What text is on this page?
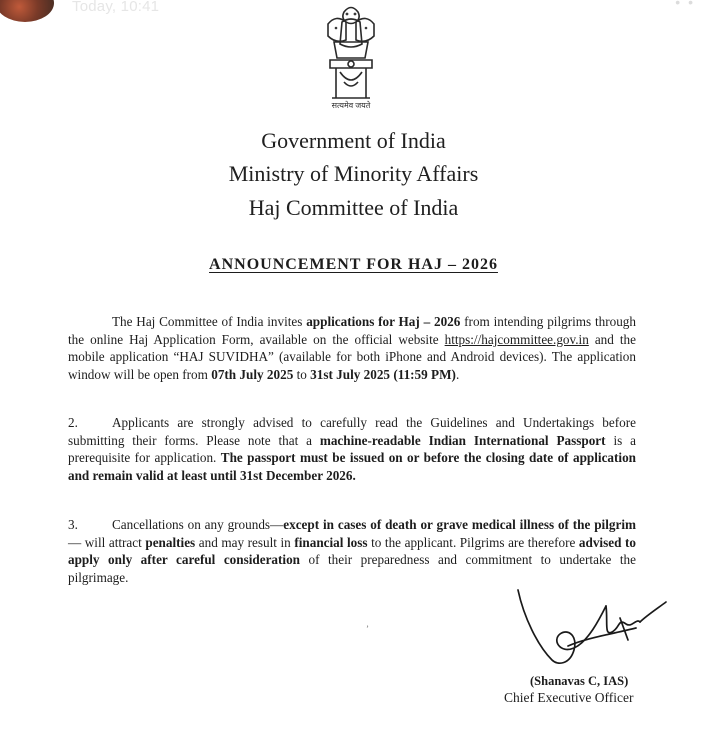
Today, 10:41	• •
सत्यमेव जयते
Government of India
Ministry of Minority Affairs
Haj Committee of India
ANNOUNCEMENT FOR HAJ – 2026
The Haj Committee of India invites applications for Haj – 2026 from intending pilgrims through the online Haj Application Form, available on the official website https://hajcommittee.gov.in and the mobile application “HAJ SUVIDHA” (available for both iPhone and Android devices). The application window will be open from 07th July 2025 to 31st July 2025 (11:59 PM).
2.	Applicants are strongly advised to carefully read the Guidelines and Undertakings before submitting their forms. Please note that a machine-readable Indian International Passport is a prerequisite for application. The passport must be issued on or before the closing date of application and remain valid at least until 31st December 2026.
3.	Cancellations on any grounds—except in cases of death or grave medical illness of the pilgrim— will attract penalties and may result in financial loss to the applicant. Pilgrims are therefore advised to apply only after careful consideration of their preparedness and commitment to undertake the pilgrimage.
ʼ
(Shanavas C, IAS)
Chief Executive Officer
